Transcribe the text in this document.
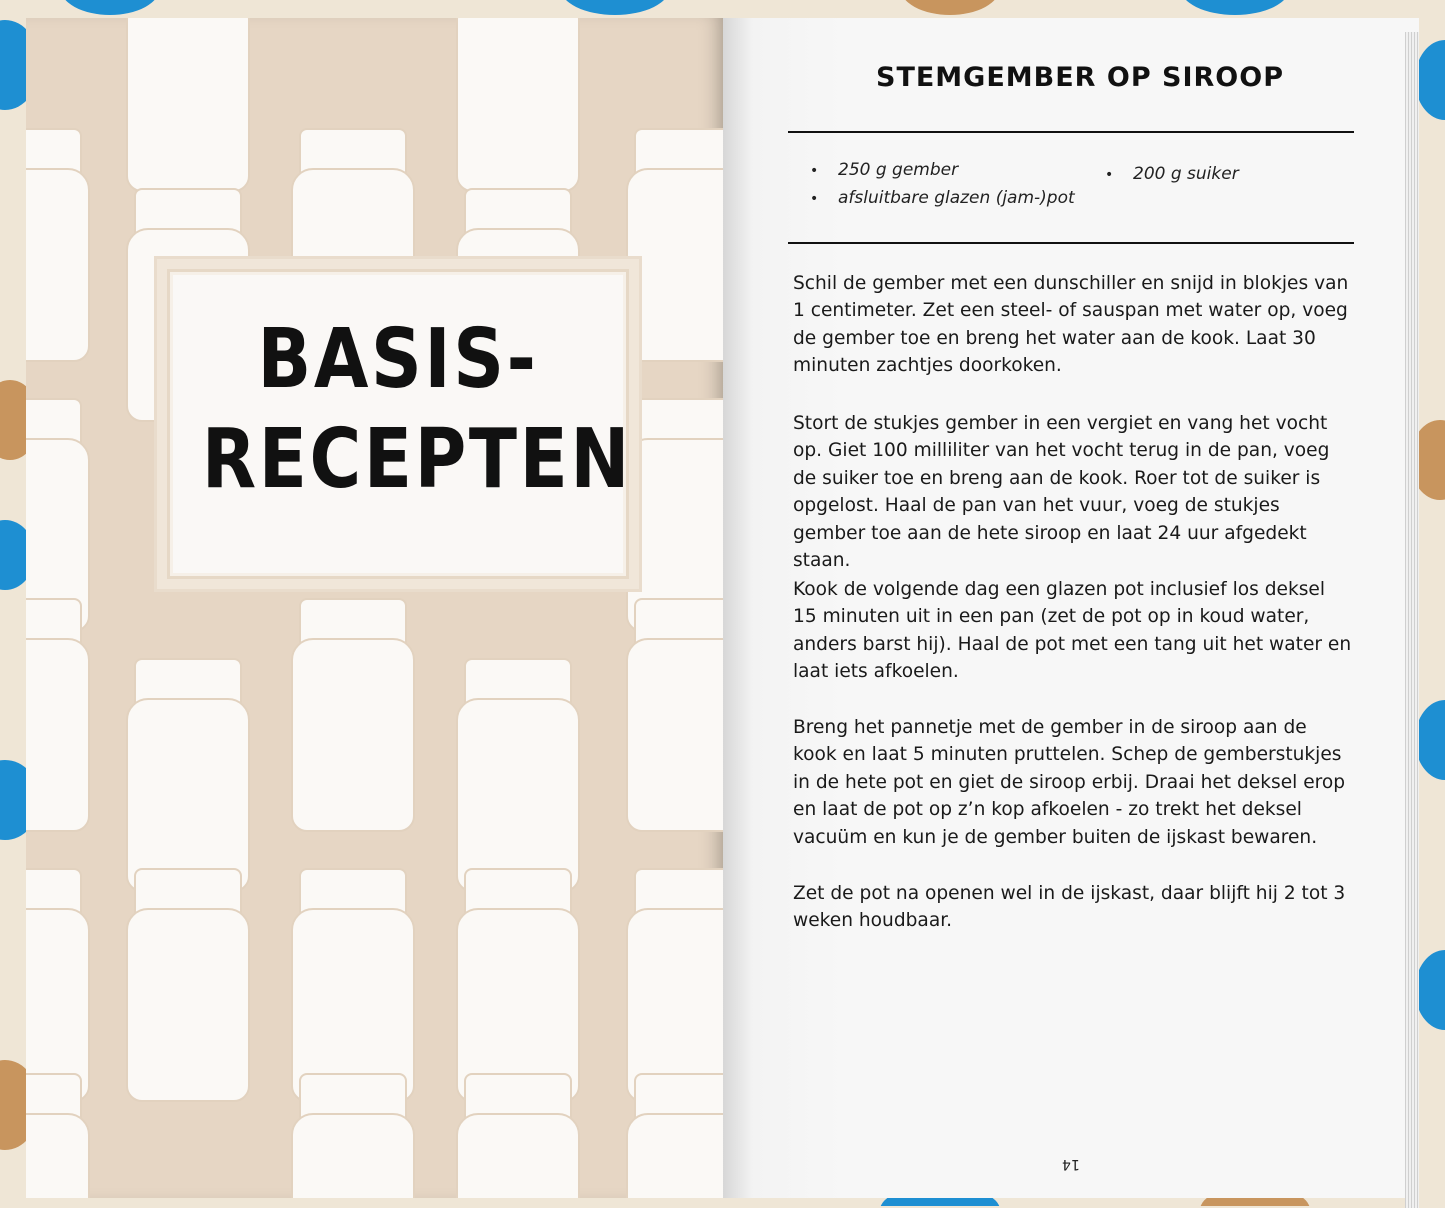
BASIS-
RECEPTEN
STEMGEMBER OP SIROOP
• 250 g gember	• 200 g suiker
• afsluitbare glazen (jam-)pot
Schil de gember met een dunschiller en snijd in blokjes van 1 centimeter. Zet een steel- of sauspan met water op, voeg de gember toe en breng het water aan de kook. Laat 30 minuten zachtjes doorkoken.
Stort de stukjes gember in een vergiet en vang het vocht op. Giet 100 milliliter van het vocht terug in de pan, voeg de suiker toe en breng aan de kook. Roer tot de suiker is opgelost. Haal de pan van het vuur, voeg de stukjes gember toe aan de hete siroop en laat 24 uur afgedekt staan.
Kook de volgende dag een glazen pot inclusief los deksel 15 minuten uit in een pan (zet de pot op in koud water, anders barst hij). Haal de pot met een tang uit het water en laat iets afkoelen.
Breng het pannetje met de gember in de siroop aan de kook en laat 5 minuten pruttelen. Schep de gemberstukjes in de hete pot en giet de siroop erbij. Draai het deksel erop en laat de pot op z’n kop afkoelen - zo trekt het deksel vacuüm en kun je de gember buiten de ijskast bewaren.
Zet de pot na openen wel in de ijskast, daar blijft hij 2 tot 3 weken houdbaar.
14
